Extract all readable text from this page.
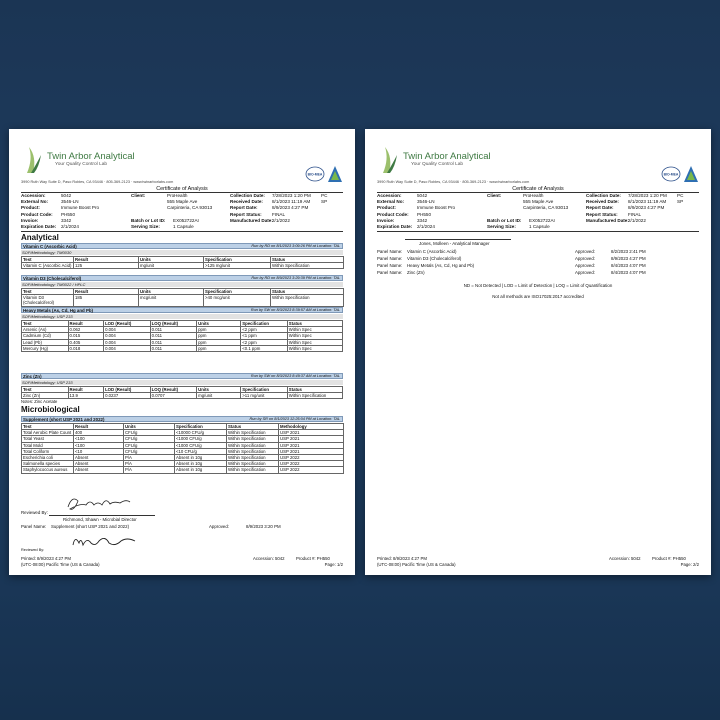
Twin Arbor Analytical
Your Quality Control Lab
3990 Ruth Way Suite D, Paso Robles, CA 93446 · 805-369-2123 · www.twinarborlabs.com
BIO-MEA
Certificate of Analysis
Accession:	5042	Client:	ProHealth	Collection Date: 7/28/2023 1:20 PM PC
External No:	3546-LN	555 Maple Ave	Received Date: 8/1/2023 11:19 AM SP
Product:	Immune Boost Pro	Carpinteria, CA 93013	Report Date:	8/9/2023 4:27 PM
Product Code: PH550	Report Status: FINAL
Invoice:	3342	Batch or Lot ID: EX052722AI	Manufactured Date: 2/1/2022
Expiration Date: 2/1/2024	Serving Size:	1 Capsule
Analytical
Vitamin C (Ascorbic Acid)	Run by RD on 8/1/2023 3:09:26 PM at Location: TAL
SOP/Methodology: TM0030
Test	Result	Units	Specification	Status
Vitamin C (Ascorbic Acid)	125	mg/unit	>125 mg/unit	Within Specification
Vitamin D3 (Cholecalciferol)	Run by RD on 8/9/2023 3:29:39 PM at Location: TAL
SOP/Methodology: TM0022 / HPLC
Test	Result	Units	Specification	Status
Vitamin D3 (Cholecalciferol)	185	mcg/unit	>40 mcg/unit	Within Specification
Heavy Metals (As, Cd, Hg and Pb)	Run by SW on 8/3/2023 8:39:57 AM at Location: TAL
SOP/Methodology: USP 233
Test	Result	LOD (Result)	LOQ (Result)	Units	Specification	Status
Arsenic (As)	0.062	0.004	0.011	ppm	<2 ppm	Within Spec
Cadmium (Cd)	0.015	0.004	0.011	ppm	<1 ppm	Within Spec
Lead (Pb)	0.405	0.004	0.011	ppm	<2 ppm	Within Spec
Mercury (Hg)	0.018	0.004	0.011	ppm	<0.1 ppm	Within Spec
Zinc (Zn)	Run by SW on 8/3/2023 8:49:37 AM at Location: TAL
SOP/Methodology: USP 233
Test	Result	LOD (Result)	LOQ (Result)	Units	Specification	Status
Zinc (Zn)	13.9	0.0237	0.0707	mg/unit	>11 mg/unit	Within Specification
Notes: Zinc Acetate
Microbiological
Supplement (short USP 2021 and 2022)	Run by SR on 8/1/2023 12:25:04 PM at Location: TAL
Test	Result	Units	Specification	Status	Methodology
Total Aerobic Plate Count	400	CFU/g	<10000 CFU/g	Within Specification	USP 2021
Total Yeast	<100	CFU/g	<1000 CFU/g	Within Specification	USP 2021
Total Mold	<100	CFU/g	<1000 CFU/g	Within Specification	USP 2021
Total Coliform	<10	CFU/g	<10 CFU/g	Within Specification	USP 2021
Escherichia coli	Absent	P/A	Absent in 10g	Within Specification	USP 2022
Salmonella species	Absent	P/A	Absent in 10g	Within Specification	USP 2022
Staphylococcus aureus	Absent	P/A	Absent in 10g	Within Specification	USP 2022
Reviewed By:
Richmond, Shawn - Microbial Director
Panel Name: Supplement (short USP 2021 and 2022)	Approved:	8/9/2023 3:20 PM
Reviewed By:
Printed: 8/9/2023 4:27 PM
(UTC-08:00) Pacific Time (US & Canada)
Accession: 5042	Product #: PH550
Page: 1/2
Twin Arbor Analytical
Your Quality Control Lab
3990 Ruth Way Suite D, Paso Robles, CA 93446 · 805-369-2123 · www.twinarborlabs.com
BIO-MEA
Certificate of Analysis
Accession:	5042	Client:	ProHealth	Collection Date: 7/28/2023 1:20 PM PC
External No:	3546-LN	555 Maple Ave	Received Date: 8/1/2023 11:19 AM SP
Product:	Immune Boost Pro	Carpinteria, CA 93013	Report Date:	8/9/2023 4:27 PM
Product Code: PH550	Report Status: FINAL
Invoice:	3342	Batch or Lot ID: EX052722AI	Manufactured Date: 2/1/2022
Expiration Date: 2/1/2024	Serving Size:	1 Capsule
Jones, Molleen - Analytical Manager
Panel Name: Vitamin C (Ascorbic Acid)	Approved:	8/2/2023 2:41 PM
Panel Name: Vitamin D3 (Cholecalciferol)	Approved:	8/9/2023 4:27 PM
Panel Name: Heavy Metals (As, Cd, Hg and Pb)	Approved:	8/4/2023 4:07 PM
Panel Name: Zinc (Zn)	Approved:	8/4/2023 4:07 PM
ND = Not Detected | LOD = Limit of Detection | LOQ = Limit of Quantification
Not all methods are ISO17025:2017 accredited
Printed: 8/9/2023 4:27 PM
(UTC-08:00) Pacific Time (US & Canada)
Accession: 5042	Product #: PH550
Page: 2/2
